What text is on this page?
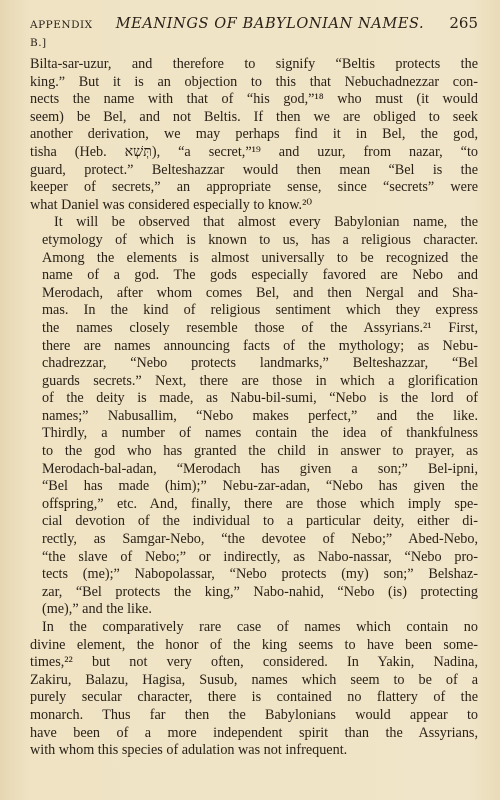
APPENDIX B.]
MEANINGS OF BABYLONIAN NAMES.	265
Bilta-sar-uzur, and therefore to signify “Beltis protects the
king.” But it is an objection to this that Nebuchadnezzar con-
nects the name with that of “his god,”¹⁸ who must (it would
seem) be Bel, and not Beltis. If then we are obliged to seek
another derivation, we may perhaps find it in Bel, the god,
tisha (Heb. תְּשְׁא), “a secret,”¹⁹ and uzur, from nazar, “to
guard, protect.” Belteshazzar would then mean “Bel is the
keeper of secrets,” an appropriate sense, since “secrets” were
what Daniel was considered especially to know.²⁰
It will be observed that almost every Babylonian name, the
etymology of which is known to us, has a religious character.
Among the elements is almost universally to be recognized the
name of a god. The gods especially favored are Nebo and
Merodach, after whom comes Bel, and then Nergal and Sha-
mas. In the kind of religious sentiment which they express
the names closely resemble those of the Assyrians.²¹ First,
there are names announcing facts of the mythology; as Nebu-
chadrezzar, “Nebo protects landmarks,” Belteshazzar, “Bel
guards secrets.” Next, there are those in which a glorification
of the deity is made, as Nabu-bil-sumi, “Nebo is the lord of
names;” Nabusallim, “Nebo makes perfect,” and the like.
Thirdly, a number of names contain the idea of thankfulness
to the god who has granted the child in answer to prayer, as
Merodach-bal-adan, “Merodach has given a son;” Bel-ipni,
“Bel has made (him);” Nebu-zar-adan, “Nebo has given the
offspring,” etc. And, finally, there are those which imply spe-
cial devotion of the individual to a particular deity, either di-
rectly, as Samgar-Nebo, “the devotee of Nebo;” Abed-Nebo,
“the slave of Nebo;” or indirectly, as Nabo-nassar, “Nebo pro-
tects (me);” Nabopolassar, “Nebo protects (my) son;” Belshaz-
zar, “Bel protects the king,” Nabo-nahid, “Nebo (is) protecting
(me),” and the like.
In the comparatively rare case of names which contain no
divine element, the honor of the king seems to have been some-
times,²² but not very often, considered. In Yakin, Nadina,
Zakiru, Balazu, Hagisa, Susub, names which seem to be of a
purely secular character, there is contained no flattery of the
monarch. Thus far then the Babylonians would appear to
have been of a more independent spirit than the Assyrians,
with whom this species of adulation was not infrequent.
